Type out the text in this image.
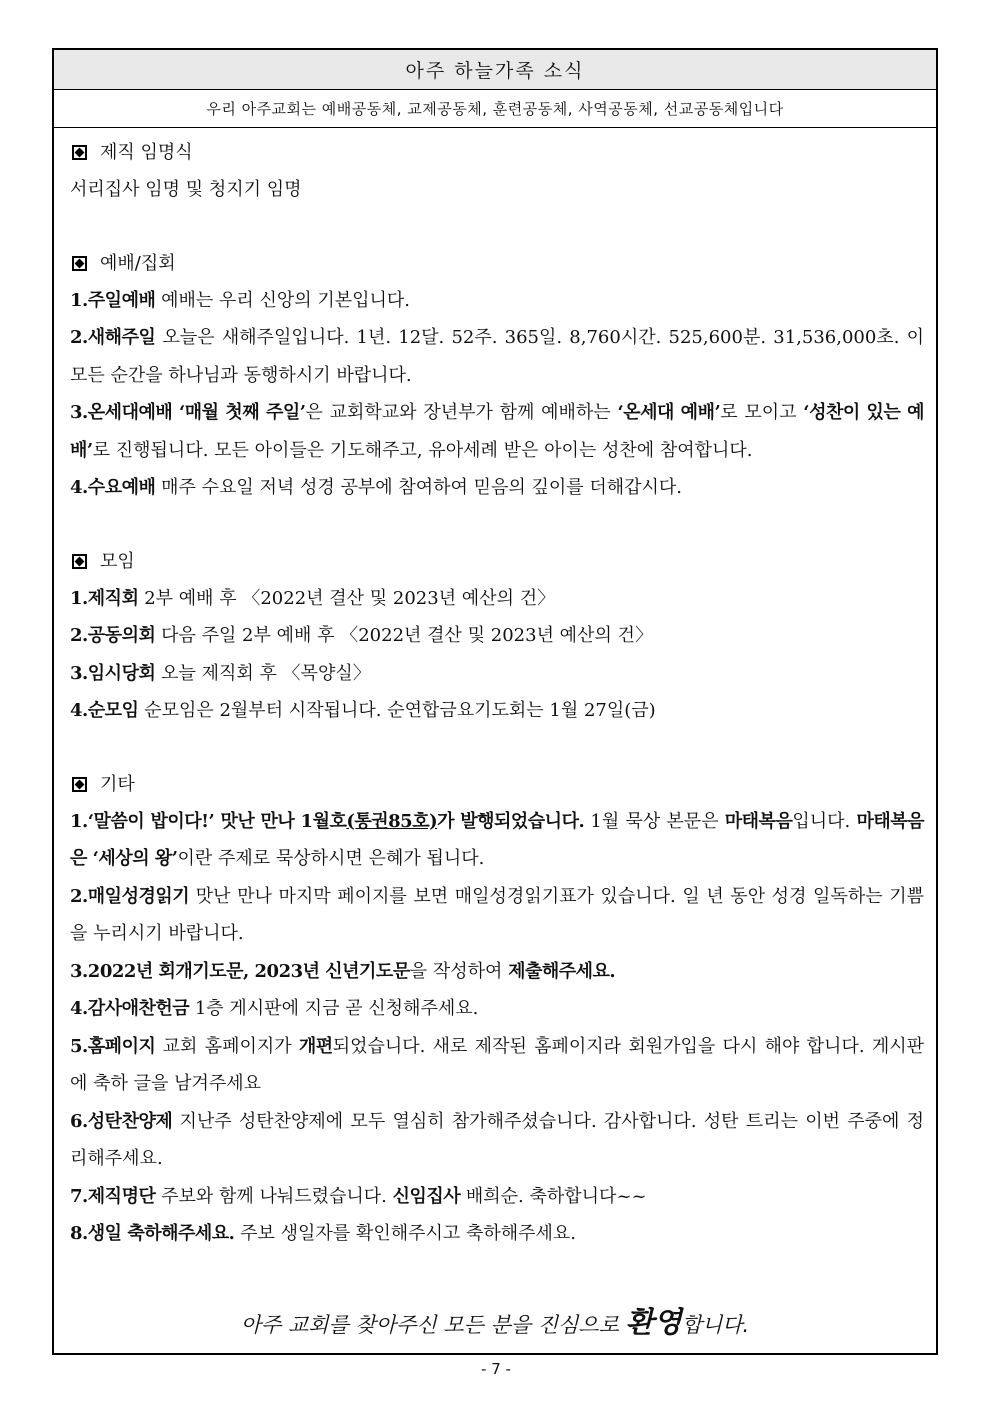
아주 하늘가족 소식
우리 아주교회는 예배공동체, 교제공동체, 훈련공동체, 사역공동체, 선교공동체입니다
제직 임명식
서리집사 임명 및 청지기 임명
예배/집회
1.주일예배 예배는 우리 신앙의 기본입니다.
2.새해주일 오늘은 새해주일입니다. 1년. 12달. 52주. 365일. 8,760시간. 525,600분. 31,536,000초. 이 모든 순간을 하나님과 동행하시기 바랍니다.
3.온세대예배 ‘매월 첫째 주일’은 교회학교와 장년부가 함께 예배하는 ‘온세대 예배’로 모이고 ‘성찬이 있는 예배’로 진행됩니다. 모든 아이들은 기도해주고, 유아세례 받은 아이는 성찬에 참여합니다.
4.수요예배 매주 수요일 저녁 성경 공부에 참여하여 믿음의 깊이를 더해갑시다.
모임
1.제직회 2부 예배 후 〈2022년 결산 및 2023년 예산의 건〉
2.공동의회 다음 주일 2부 예배 후 〈2022년 결산 및 2023년 예산의 건〉
3.임시당회 오늘 제직회 후 〈목양실〉
4.순모임 순모임은 2월부터 시작됩니다. 순연합금요기도회는 1월 27일(금)
기타
1.‘말씀이 밥이다!’ 맛난 만나 1월호(통권85호)가 발행되었습니다. 1월 묵상 본문은 마태복음입니다. 마태복음은 ‘세상의 왕’이란 주제로 묵상하시면 은혜가 됩니다.
2.매일성경읽기 맛난 만나 마지막 페이지를 보면 매일성경읽기표가 있습니다. 일 년 동안 성경 일독하는 기쁨을 누리시기 바랍니다.
3.2022년 회개기도문, 2023년 신년기도문을 작성하여 제출해주세요.
4.감사애찬헌금 1층 게시판에 지금 곧 신청해주세요.
5.홈페이지 교회 홈페이지가 개편되었습니다. 새로 제작된 홈페이지라 회원가입을 다시 해야 합니다. 게시판에 축하 글을 남겨주세요
6.성탄찬양제 지난주 성탄찬양제에 모두 열심히 참가해주셨습니다. 감사합니다. 성탄 트리는 이번 주중에 정리해주세요.
7.제직명단 주보와 함께 나눠드렸습니다. 신임집사 배희순. 축하합니다~~
8.생일 축하해주세요. 주보 생일자를 확인해주시고 축하해주세요.
아주 교회를 찾아주신 모든 분을 진심으로 환영합니다.
- 7 -
